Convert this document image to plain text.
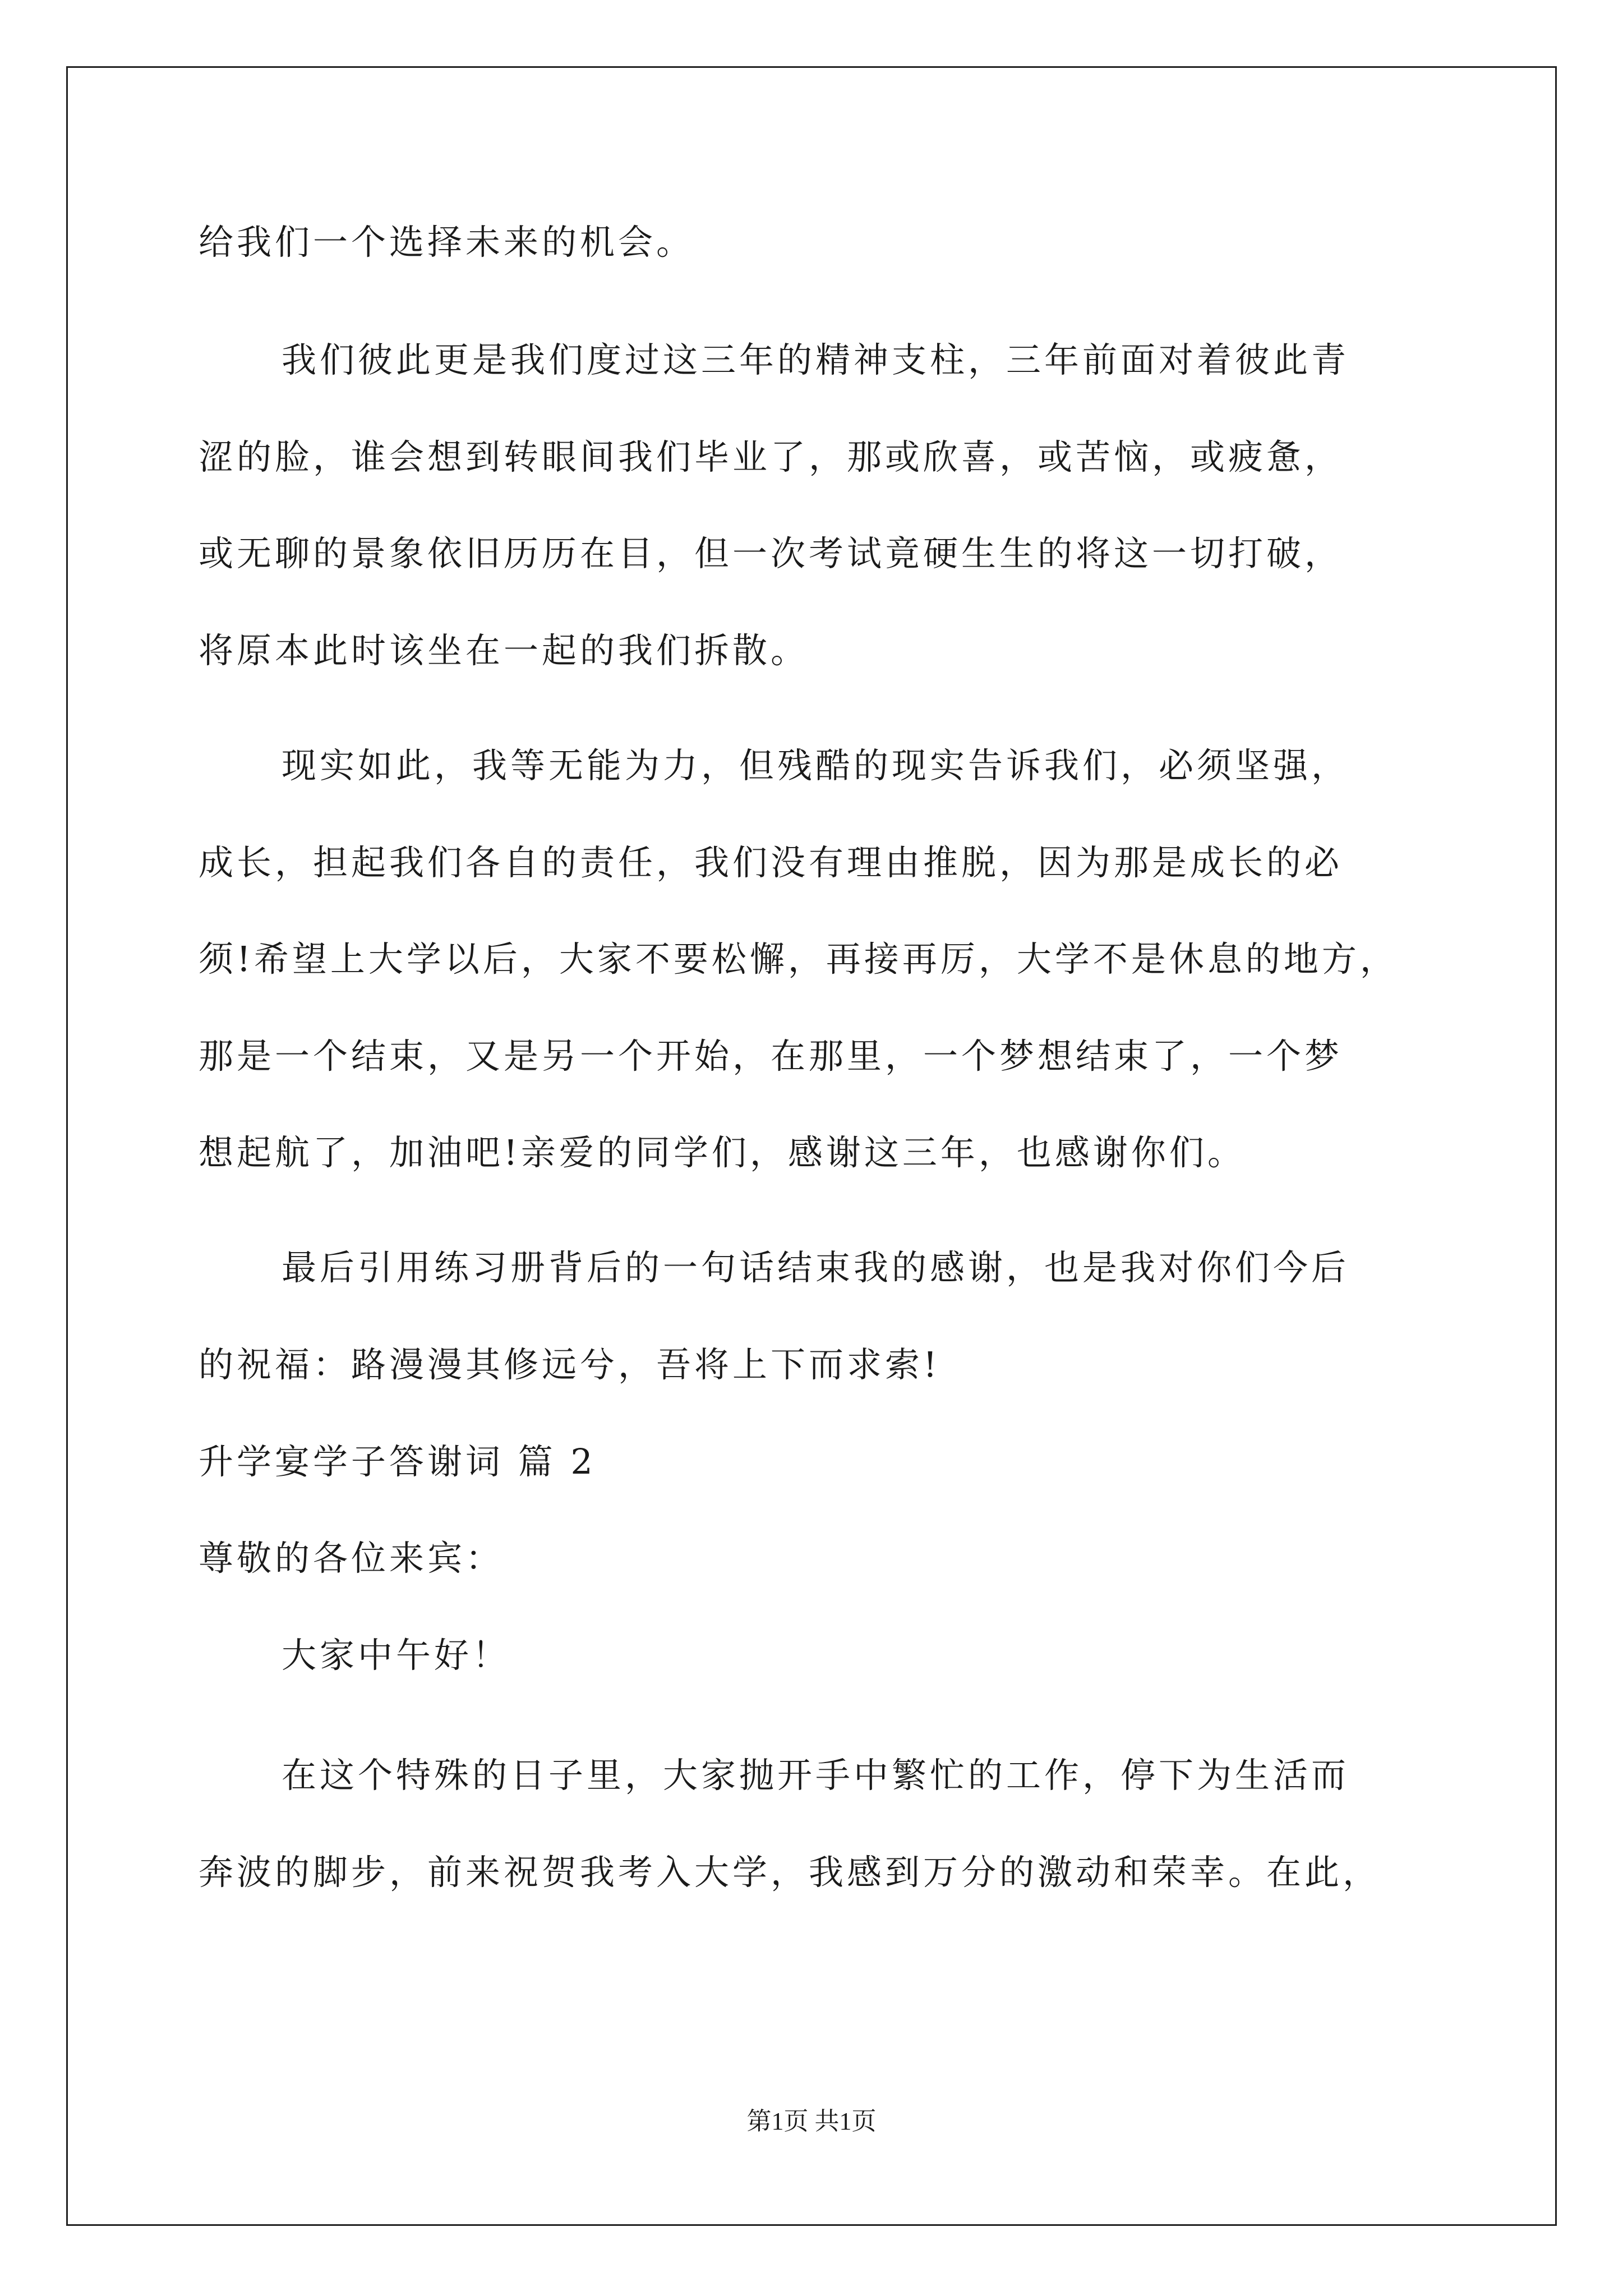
给我们一个选择未来的机会。
我们彼此更是我们度过这三年的精神支柱，三年前面对着彼此青
涩的脸，谁会想到转眼间我们毕业了，那或欣喜，或苦恼，或疲惫，
或无聊的景象依旧历历在目，但一次考试竟硬生生的将这一切打破，
将原本此时该坐在一起的我们拆散。
现实如此，我等无能为力，但残酷的现实告诉我们，必须坚强，
成长，担起我们各自的责任，我们没有理由推脱，因为那是成长的必
须!希望上大学以后，大家不要松懈，再接再厉，大学不是休息的地方，
那是一个结束，又是另一个开始，在那里，一个梦想结束了，一个梦
想起航了，加油吧!亲爱的同学们，感谢这三年，也感谢你们。
最后引用练习册背后的一句话结束我的感谢，也是我对你们今后
的祝福：路漫漫其修远兮，吾将上下而求索!
升学宴学子答谢词 篇 2
尊敬的各位来宾：
大家中午好！
在这个特殊的日子里，大家抛开手中繁忙的工作，停下为生活而
奔波的脚步，前来祝贺我考入大学，我感到万分的激动和荣幸。在此，
第1页 共1页
